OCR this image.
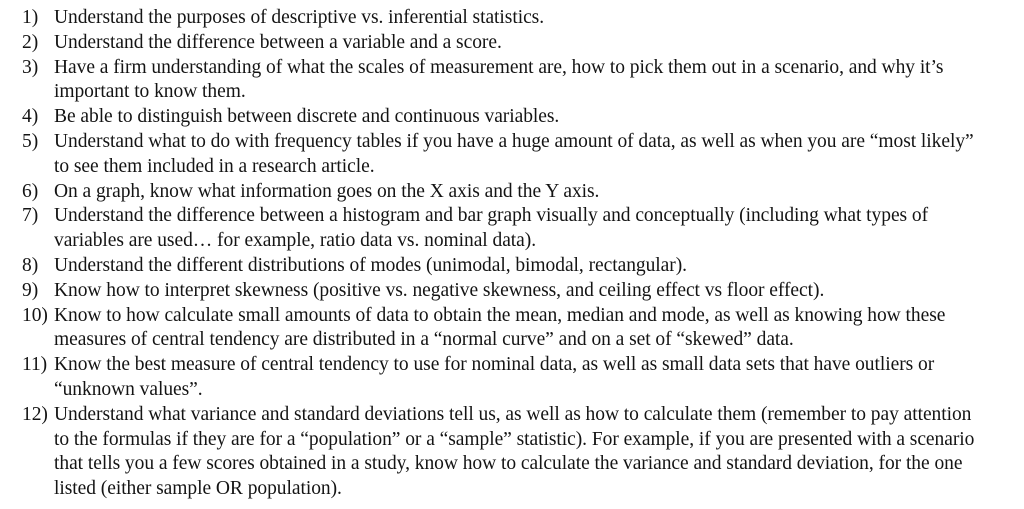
1) Understand the purposes of descriptive vs. inferential statistics.
2) Understand the difference between a variable and a score.
3) Have a firm understanding of what the scales of measurement are, how to pick them out in a scenario, and why it’s important to know them.
4) Be able to distinguish between discrete and continuous variables.
5) Understand what to do with frequency tables if you have a huge amount of data, as well as when you are “most likely” to see them included in a research article.
6) On a graph, know what information goes on the X axis and the Y axis.
7) Understand the difference between a histogram and bar graph visually and conceptually (including what types of variables are used… for example, ratio data vs. nominal data).
8) Understand the different distributions of modes (unimodal, bimodal, rectangular).
9) Know how to interpret skewness (positive vs. negative skewness, and ceiling effect vs floor effect).
10) Know to how calculate small amounts of data to obtain the mean, median and mode, as well as knowing how these measures of central tendency are distributed in a “normal curve” and on a set of “skewed” data.
11) Know the best measure of central tendency to use for nominal data, as well as small data sets that have outliers or “unknown values”.
12) Understand what variance and standard deviations tell us, as well as how to calculate them (remember to pay attention to the formulas if they are for a “population” or a “sample” statistic). For example, if you are presented with a scenario that tells you a few scores obtained in a study, know how to calculate the variance and standard deviation, for the one listed (either sample OR population).
